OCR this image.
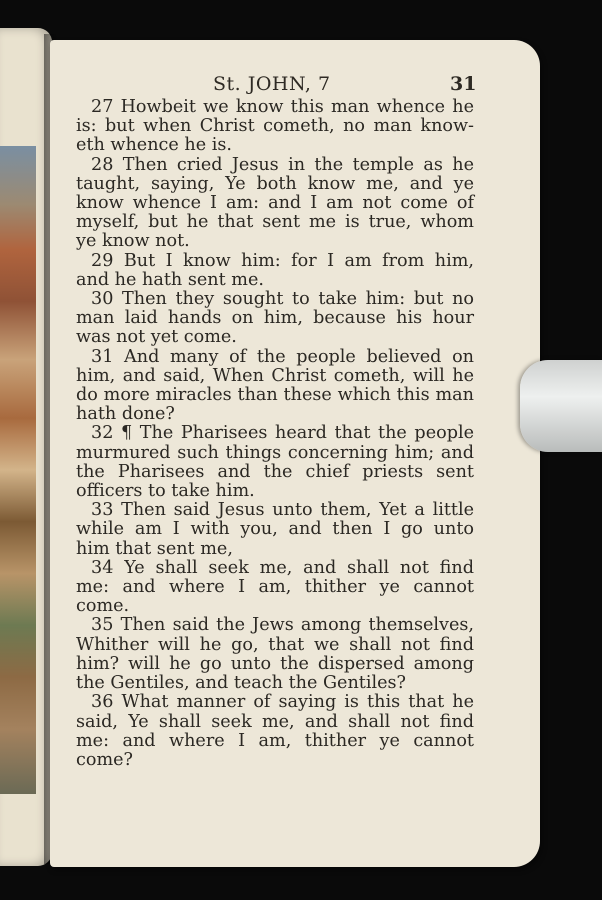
St. JOHN, 7	31
27 Howbeit we know this man whence he
is: but when Christ cometh, no man know-
eth whence he is.
28 Then cried Jesus in the temple as he
taught, saying, Ye both know me, and ye
know whence I am: and I am not come of
myself, but he that sent me is true, whom
ye know not.
29 But I know him: for I am from him,
and he hath sent me.
30 Then they sought to take him: but no
man laid hands on him, because his hour
was not yet come.
31 And many of the people believed on
him, and said, When Christ cometh, will he
do more miracles than these which this man
hath done?
32 ¶ The Pharisees heard that the people
murmured such things concerning him; and
the Pharisees and the chief priests sent
officers to take him.
33 Then said Jesus unto them, Yet a little
while am I with you, and then I go unto
him that sent me,
34 Ye shall seek me, and shall not find
me: and where I am, thither ye cannot
come.
35 Then said the Jews among themselves,
Whither will he go, that we shall not find
him? will he go unto the dispersed among
the Gentiles, and teach the Gentiles?
36 What manner of saying is this that he
said, Ye shall seek me, and shall not find
me: and where I am, thither ye cannot
come?
